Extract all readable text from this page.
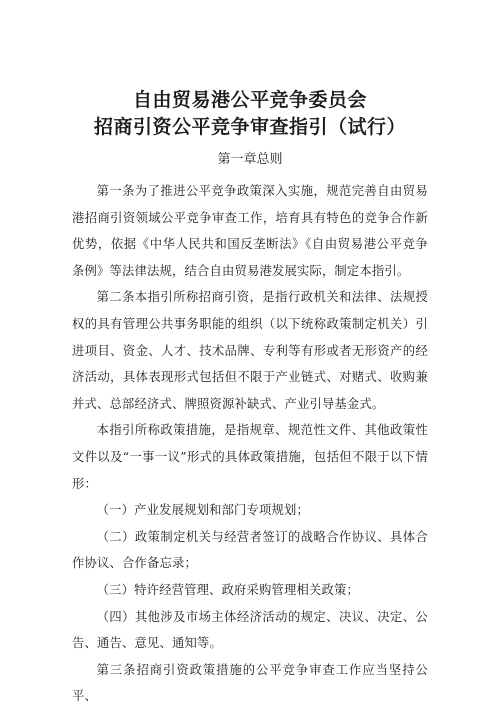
自由贸易港公平竞争委员会
招商引资公平竞争审查指引（试行）
第一章总则

第一条为了推进公平竞争政策深入实施，规范完善自由贸易港招商引资领域公平竞争审查工作，培育具有特色的竞争合作新优势，依据《中华人民共和国反垄断法》《自由贸易港公平竞争条例》等法律法规，结合自由贸易港发展实际，制定本指引。

第二条本指引所称招商引资，是指行政机关和法律、法规授权的具有管理公共事务职能的组织（以下统称政策制定机关）引进项目、资金、人才、技术品牌、专利等有形或者无形资产的经济活动，具体表现形式包括但不限于产业链式、对赌式、收购兼并式、总部经济式、牌照资源补缺式、产业引导基金式。

本指引所称政策措施，是指规章、规范性文件、其他政策性文件以及“一事一议”形式的具体政策措施，包括但不限于以下情形：

（一）产业发展规划和部门专项规划；

（二）政策制定机关与经营者签订的战略合作协议、具体合作协议、合作备忘录；

（三）特许经营管理、政府采购管理相关政策；

（四）其他涉及市场主体经济活动的规定、决议、决定、公告、通告、意见、通知等。

第三条招商引资政策措施的公平竞争审查工作应当坚持公平、
